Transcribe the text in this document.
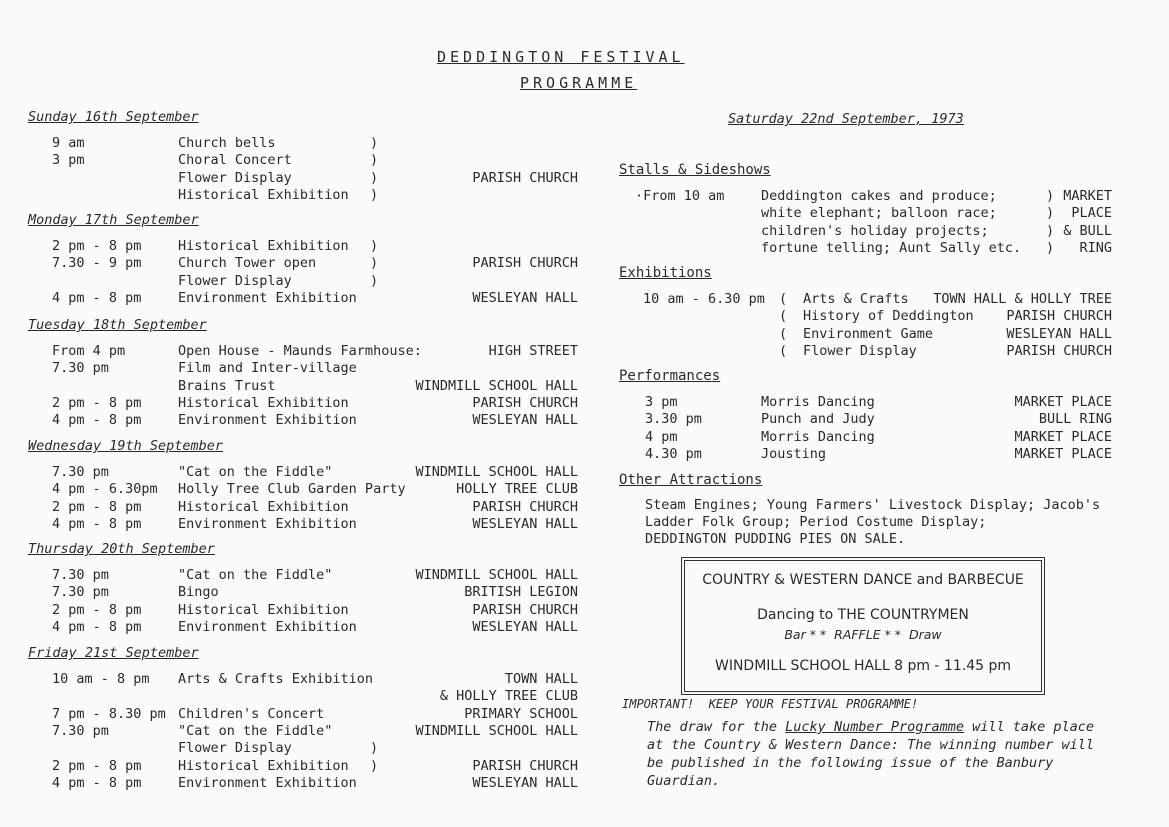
DEDDINGTON FESTIVAL
PROGRAMME
Sunday 16th September
9 am	Church bells	)
3 pm	Choral Concert	)
Flower Display	)	PARISH CHURCH
Historical Exhibition )
Monday 17th September
2 pm - 8 pm	Historical Exhibition )
7.30 - 9 pm	Church Tower open	)	PARISH CHURCH
Flower Display	)
4 pm - 8 pm	Environment Exhibition	WESLEYAN HALL
Tuesday 18th September
From 4 pm	Open House - Maunds Farmhouse:	HIGH STREET
7.30 pm	Film and Inter-village
Brains Trust	WINDMILL SCHOOL HALL
2 pm - 8 pm	Historical Exhibition	PARISH CHURCH
4 pm - 8 pm	Environment Exhibition	WESLEYAN HALL
Wednesday 19th September
7.30 pm	"Cat on the Fiddle"	WINDMILL SCHOOL HALL
4 pm - 6.30pm Holly Tree Club Garden Party	HOLLY TREE CLUB
2 pm - 8 pm	Historical Exhibition	PARISH CHURCH
4 pm - 8 pm	Environment Exhibition	WESLEYAN HALL
Thursday 20th September
7.30 pm	"Cat on the Fiddle"	WINDMILL SCHOOL HALL
7.30 pm	Bingo	BRITISH LEGION
2 pm - 8 pm	Historical Exhibition	PARISH CHURCH
4 pm - 8 pm	Environment Exhibition	WESLEYAN HALL
Friday 21st September
10 am - 8 pm Arts & Crafts Exhibition	TOWN HALL
& HOLLY TREE CLUB
7 pm - 8.30 pm Children's Concert	PRIMARY SCHOOL
7.30 pm	"Cat on the Fiddle"	WINDMILL SCHOOL HALL
Flower Display	)
2 pm - 8 pm	Historical Exhibition )	PARISH CHURCH
4 pm - 8 pm	Environment Exhibition	WESLEYAN HALL
Saturday 22nd September, 1973
Stalls & Sideshows
·From 10 am	Deddington cakes and produce;	) MARKET
white elephant; balloon race;	)	PLACE
children's holiday projects;	) & BULL
fortune telling; Aunt Sally etc. )	RING
Exhibitions
10 am - 6.30 pm ( Arts & Crafts	TOWN HALL & HOLLY TREE
( History of Deddington	PARISH CHURCH
( Environment Game	WESLEYAN HALL
( Flower Display	PARISH CHURCH
Performances
3 pm	Morris Dancing	MARKET PLACE
3.30 pm	Punch and Judy	BULL RING
4 pm	Morris Dancing	MARKET PLACE
4.30 pm	Jousting	MARKET PLACE
Other Attractions
Steam Engines; Young Farmers' Livestock Display; Jacob's
Ladder Folk Group; Period Costume Display;
DEDDINGTON PUDDING PIES ON SALE.
COUNTRY & WESTERN DANCE and BARBECUE
Dancing to THE COUNTRYMEN
Bar * *  RAFFLE * *  Draw
WINDMILL SCHOOL HALL 8 pm - 11.45 pm
IMPORTANT!  KEEP YOUR FESTIVAL PROGRAMME!
The draw for the Lucky Number Programme will take place
at the Country & Western Dance: The winning number will
be published in the following issue of the Banbury
Guardian.
